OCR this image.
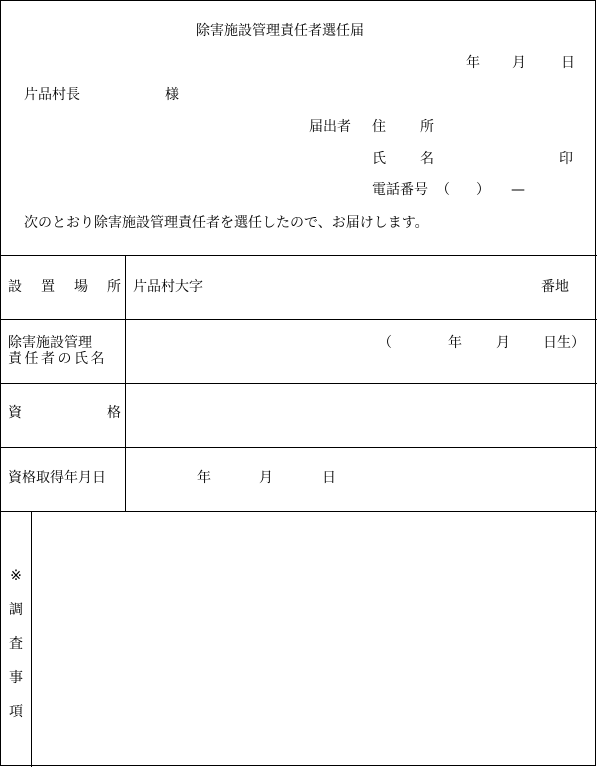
除害施設管理責任者選任届
年 月	日
片品村長	様
届出者 住 所
氏 名	印
電話番号 （ ） —
次のとおり除害施設管理責任者を選任したので、お届けします。
設 置 場 所 片品村大字	番地
除害施設管理
責任者の氏名
（	年 月 日生）
資	格
資格取得年月日	年	月	日
※
調
査
事
項
